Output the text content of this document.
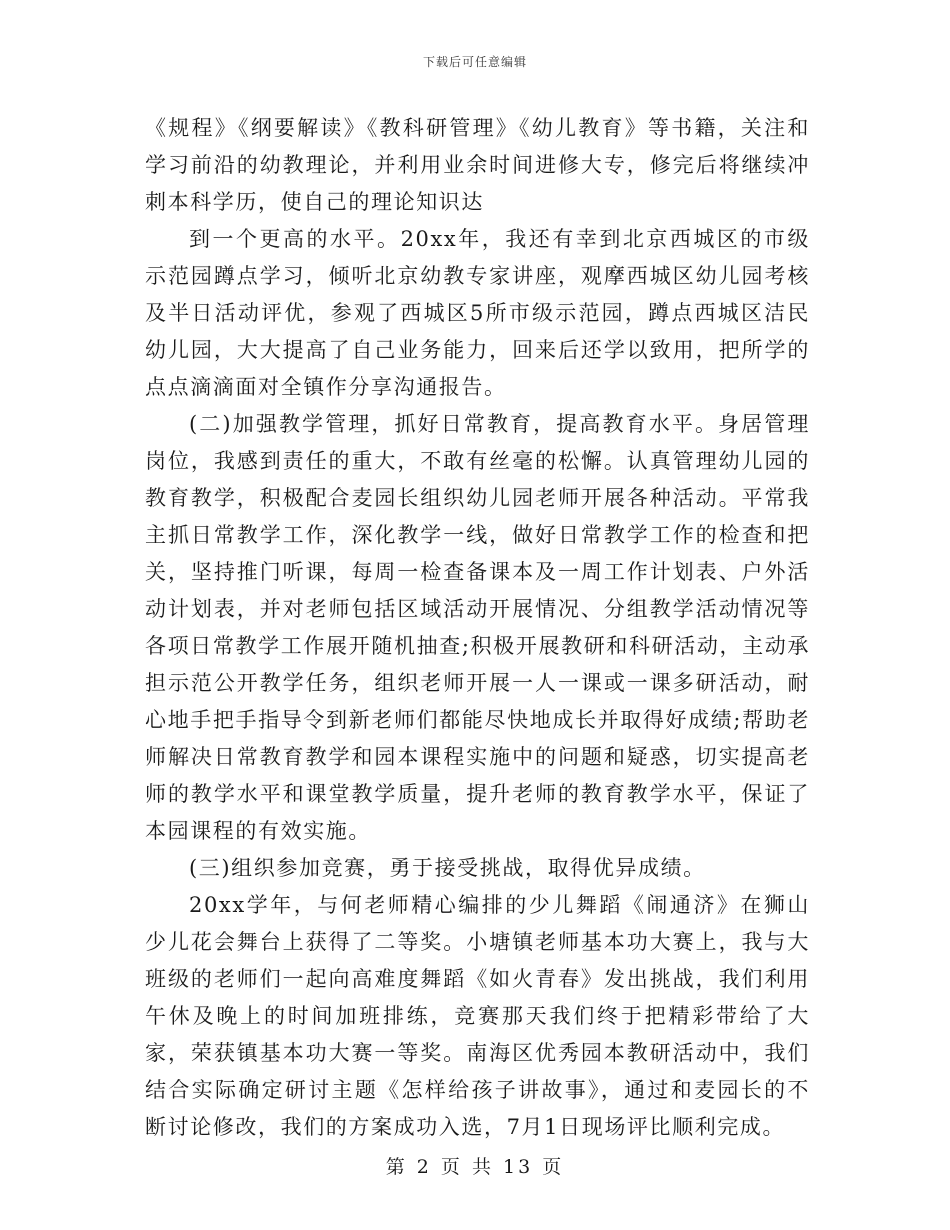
下载后可任意编辑

《规程》《纲要解读》《教科研管理》《幼儿教育》等书籍，关注和学习前沿的幼教理论，并利用业余时间进修大专，修完后将继续冲刺本科学历，使自己的理论知识达

到一个更高的水平。20xx年，我还有幸到北京西城区的市级示范园蹲点学习，倾听北京幼教专家讲座，观摩西城区幼儿园考核及半日活动评优，参观了西城区5所市级示范园，蹲点西城区洁民幼儿园，大大提高了自己业务能力，回来后还学以致用，把所学的点点滴滴面对全镇作分享沟通报告。

(二)加强教学管理，抓好日常教育，提高教育水平。身居管理岗位，我感到责任的重大，不敢有丝毫的松懈。认真管理幼儿园的教育教学，积极配合麦园长组织幼儿园老师开展各种活动。平常我主抓日常教学工作，深化教学一线，做好日常教学工作的检查和把关，坚持推门听课，每周一检查备课本及一周工作计划表、户外活动计划表，并对老师包括区域活动开展情况、分组教学活动情况等各项日常教学工作展开随机抽查;积极开展教研和科研活动，主动承担示范公开教学任务，组织老师开展一人一课或一课多研活动，耐心地手把手指导令到新老师们都能尽快地成长并取得好成绩;帮助老师解决日常教育教学和园本课程实施中的问题和疑惑，切实提高老师的教学水平和课堂教学质量，提升老师的教育教学水平，保证了本园课程的有效实施。

(三)组织参加竞赛，勇于接受挑战，取得优异成绩。

20xx学年，与何老师精心编排的少儿舞蹈《闹通济》在狮山少儿花会舞台上获得了二等奖。小塘镇老师基本功大赛上，我与大班级的老师们一起向高难度舞蹈《如火青春》发出挑战，我们利用午休及晚上的时间加班排练，竞赛那天我们终于把精彩带给了大家，荣获镇基本功大赛一等奖。南海区优秀园本教研活动中，我们结合实际确定研讨主题《怎样给孩子讲故事》，通过和麦园长的不断讨论修改，我们的方案成功入选，7月1日现场评比顺利完成。

第 2 页 共 13 页
